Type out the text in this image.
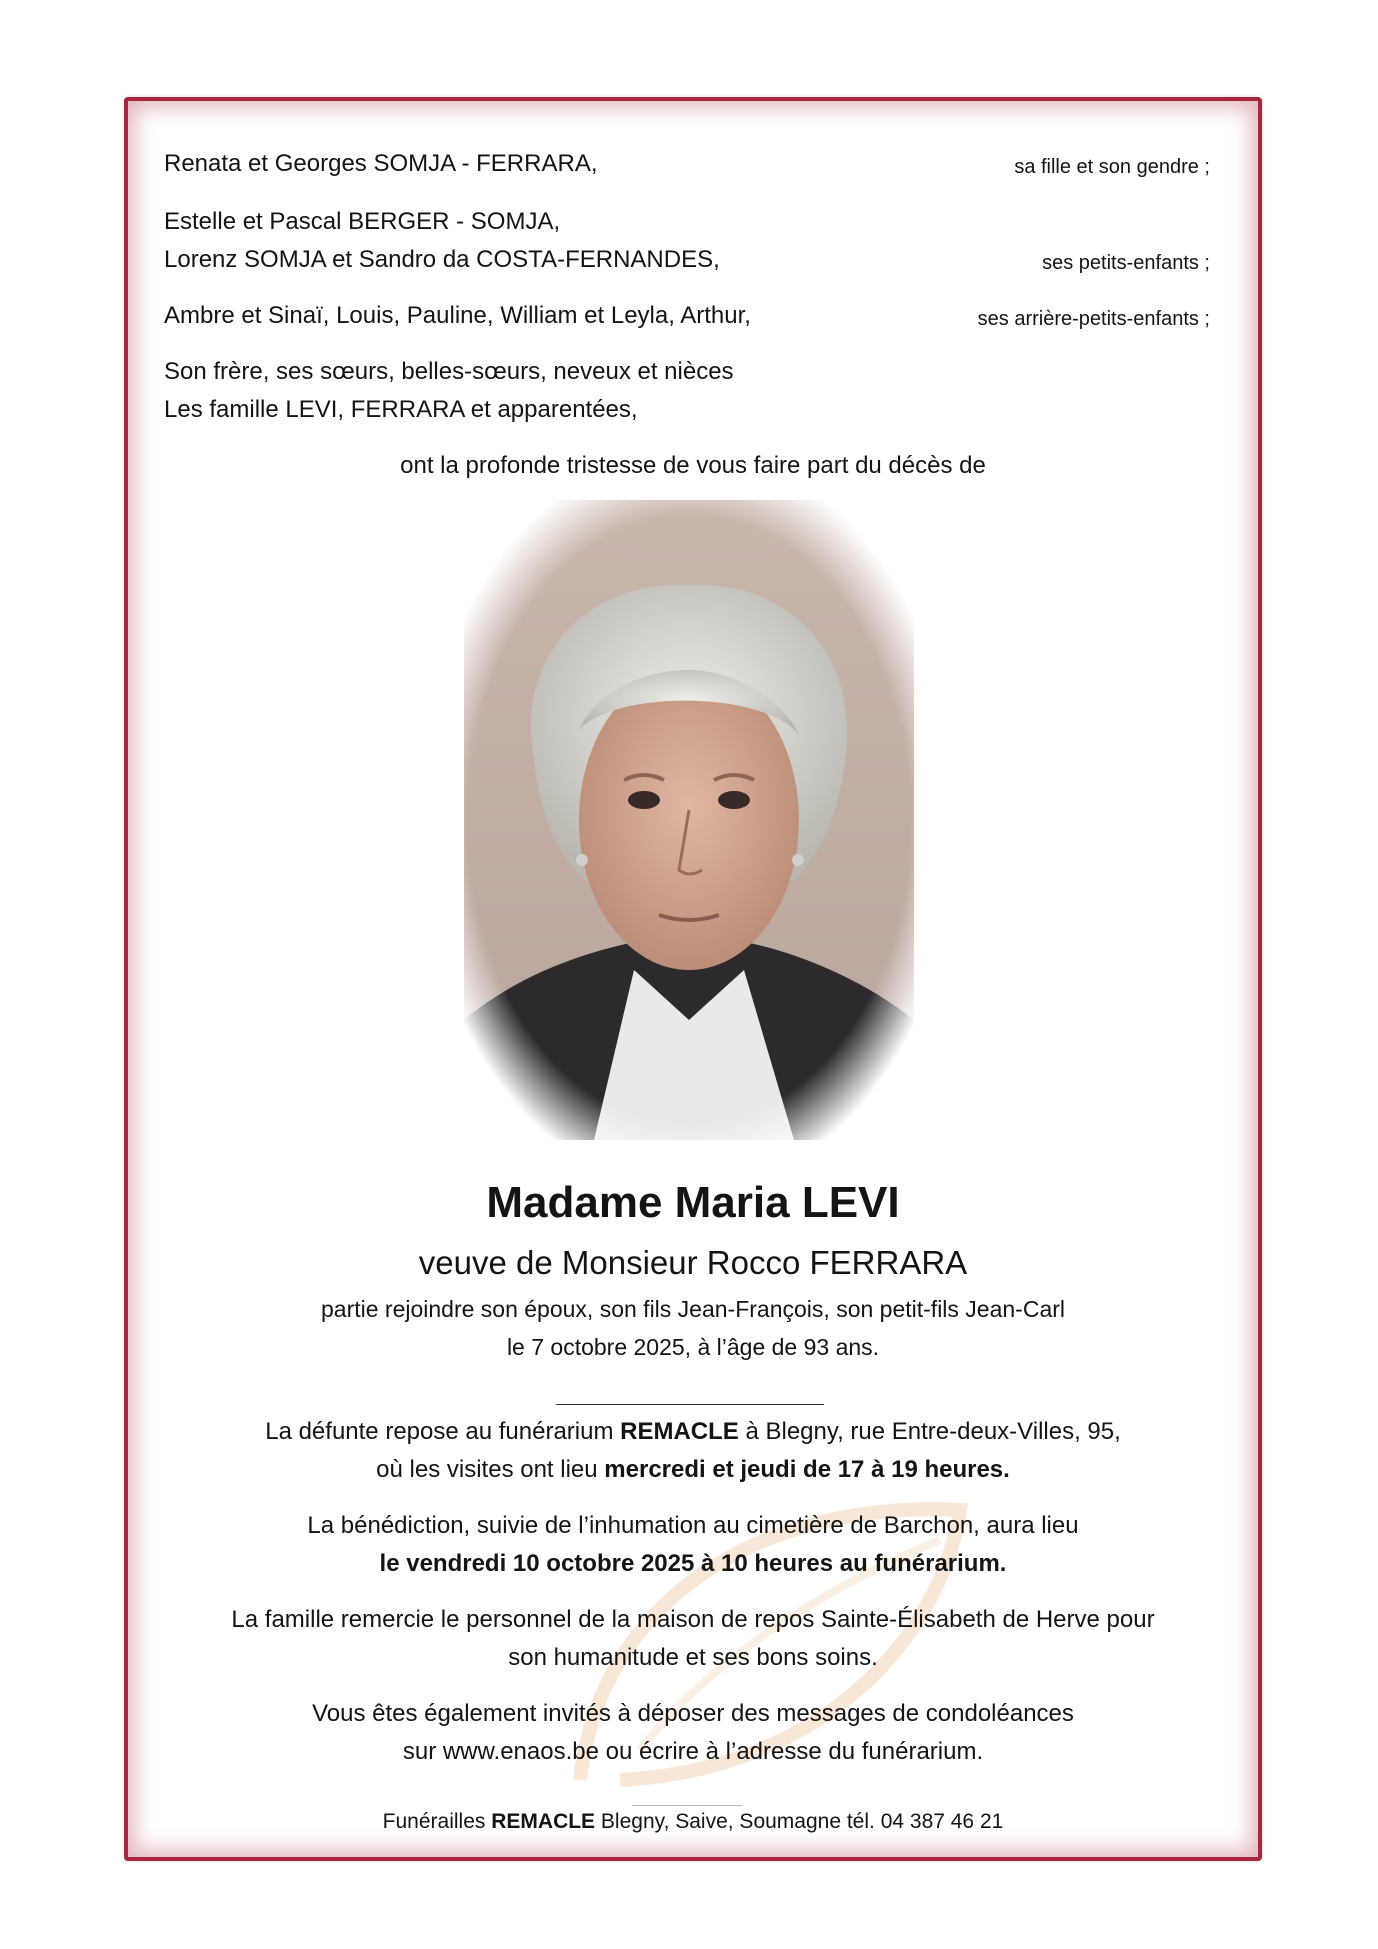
Renata et Georges SOMJA - FERRARA,	sa fille et son gendre ;
Estelle et Pascal BERGER - SOMJA,
Lorenz SOMJA et Sandro da COSTA-FERNANDES,	ses petits-enfants ;
Ambre et Sinaï, Louis, Pauline, William et Leyla, Arthur,	ses arrière-petits-enfants ;
Son frère, ses sœurs, belles-sœurs, neveux et nièces
Les famille LEVI, FERRARA et apparentées,
ont la profonde tristesse de vous faire part du décès de
Madame Maria LEVI
veuve de Monsieur Rocco FERRARA
partie rejoindre son époux, son fils Jean-François, son petit-fils Jean-Carl
le 7 octobre 2025, à l’âge de 93 ans.
La défunte repose au funérarium REMACLE à Blegny, rue Entre-deux-Villes, 95,
où les visites ont lieu mercredi et jeudi de 17 à 19 heures.
La bénédiction, suivie de l’inhumation au cimetière de Barchon, aura lieu
le vendredi 10 octobre 2025 à 10 heures au funérarium.
La famille remercie le personnel de la maison de repos Sainte-Élisabeth de Herve pour
son humanitude et ses bons soins.
Vous êtes également invités à déposer des messages de condoléances
sur www.enaos.be ou écrire à l’adresse du funérarium.
Funérailles REMACLE Blegny, Saive, Soumagne tél. 04 387 46 21
